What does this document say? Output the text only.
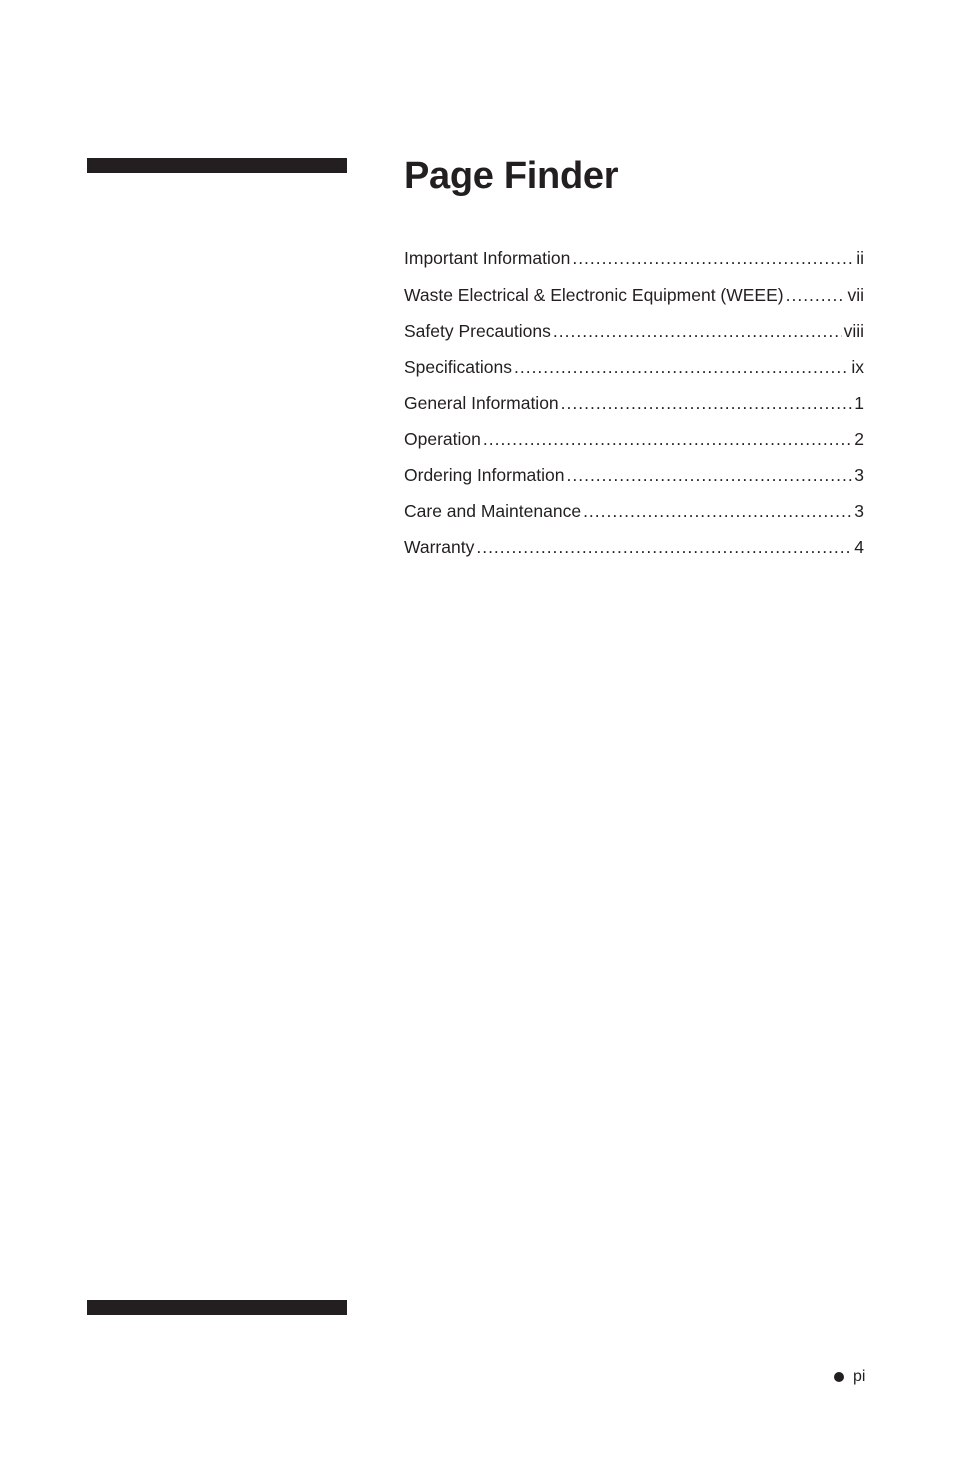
Page Finder
Important Information .....	ii
Waste Electrical & Electronic Equipment (WEEE) .....	vii
Safety Precautions .....	viii
Specifications .....	ix
General Information .....	1
Operation .....	2
Ordering Information .....	3
Care and Maintenance .....	3
Warranty .....	4
pi
